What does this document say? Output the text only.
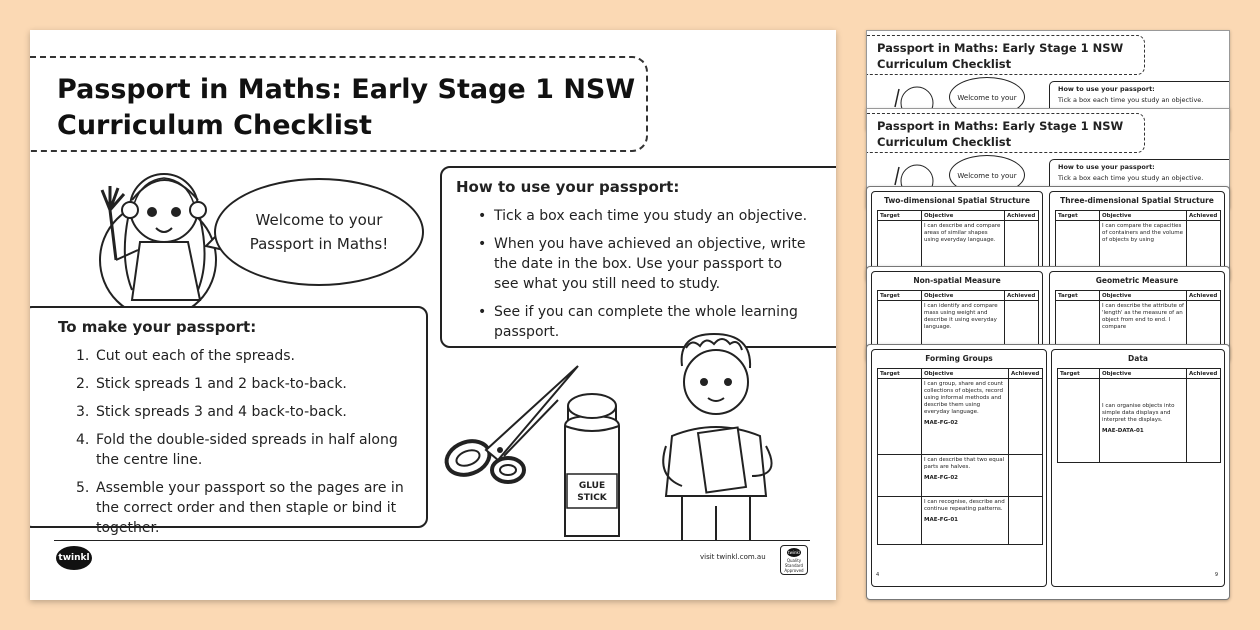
Passport in Maths: Early Stage 1 NSW
Curriculum Checklist
Welcome to your
Passport in Maths!
How to use your passport:
• Tick a box each time you study an objective.
• When you have achieved an objective, write the date in the box. Use your passport to see what you still need to study.
• See if you can complete the whole learning passport.
To make your passport:
1. Cut out each of the spreads.
2. Stick spreads 1 and 2 back-to-back.
3. Stick spreads 3 and 4 back-to-back.
4. Fold the double-sided spreads in half along the centre line.
5. Assemble your passport so the pages are in the correct order and then staple or bind it together.
GLUE
STICK
twinkl	visit twinkl.com.au
twinkl
Quality Standard Approved
Passport in Maths: Early Stage 1 NSW
Curriculum Checklist
Welcome to your
How to use your passport:
Tick a box each time you study an objective.
Passport in Maths: Early Stage 1 NSW
Curriculum Checklist
Welcome to your
How to use your passport:
Tick a box each time you study an objective.
Two-dimensional Spatial Structure
Target	Objective	Achieved
	I can describe and compare areas of similar shapes using everyday language.	
Three-dimensional Spatial Structure
Target	Objective	Achieved
	I can compare the capacities of containers and the volume of objects by using	
Non-spatial Measure
Target	Objective	Achieved
	I can identify and compare mass using weight and describe it using everyday language.	
Geometric Measure
Target	Objective	Achieved
	I can describe the attribute of 'length' as the measure of an object from end to end. I compare	
Forming Groups
Target	Objective	Achieved
	I can group, share and count collections of objects, record using informal methods and describe them using everyday language.
MAE-FG-02	

	I can describe that two equal parts are halves.
MAE-FG-02	

	I can recognise, describe and continue repeating patterns.
MAE-FG-01	

4
Data
Target	Objective	Achieved
	I can organise objects into simple data displays and interpret the displays.
MAE-DATA-01	

9
